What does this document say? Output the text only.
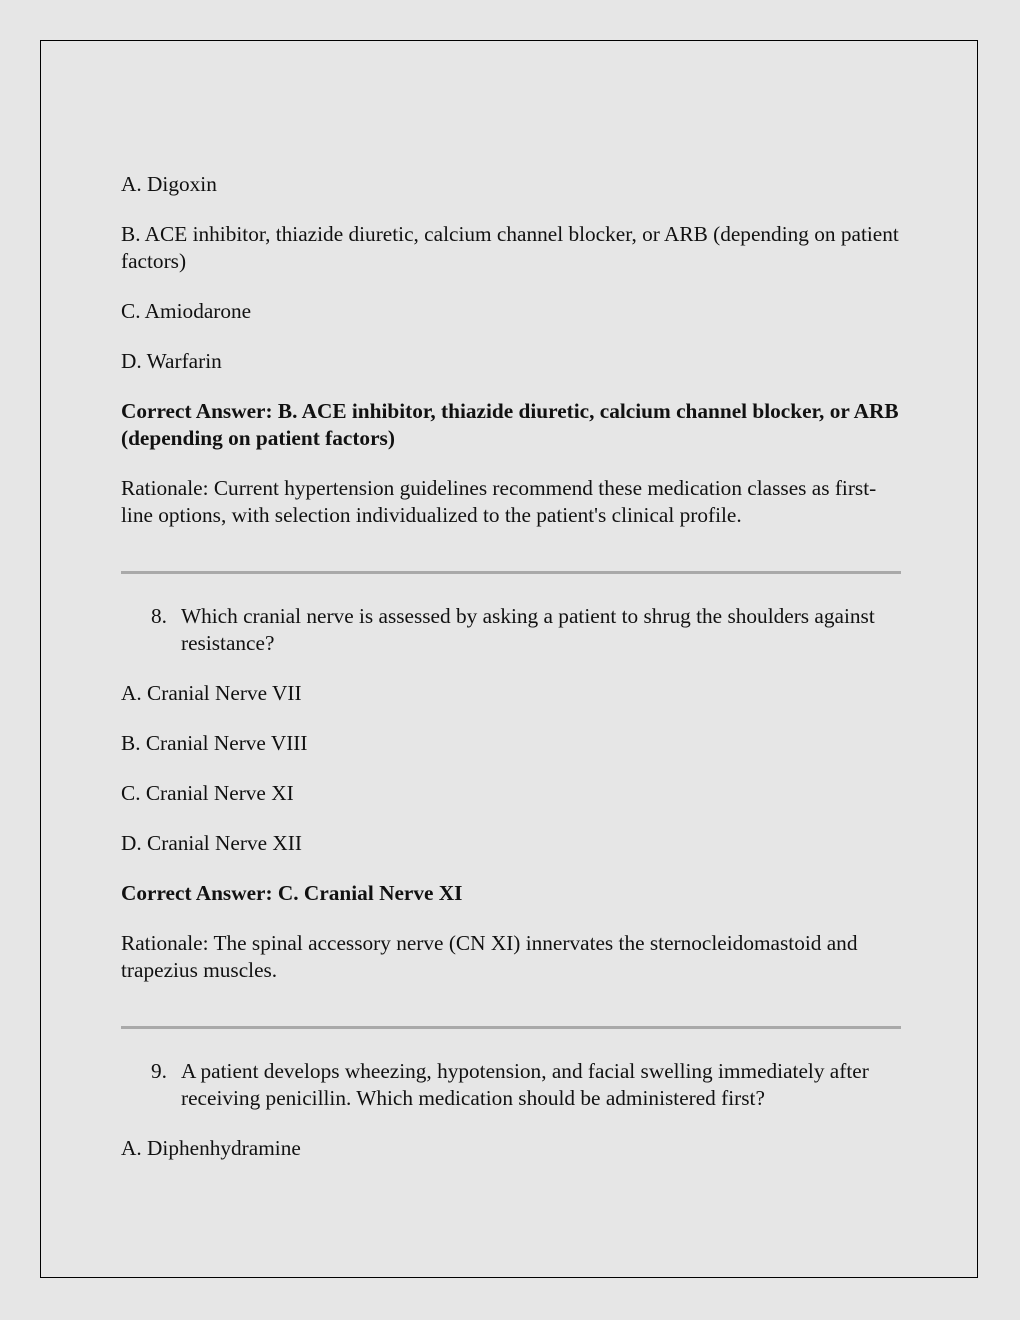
A. Digoxin
B. ACE inhibitor, thiazide diuretic, calcium channel blocker, or ARB (depending on patient factors)
C. Amiodarone
D. Warfarin
Correct Answer: B. ACE inhibitor, thiazide diuretic, calcium channel blocker, or ARB (depending on patient factors)
Rationale: Current hypertension guidelines recommend these medication classes as first-line options, with selection individualized to the patient's clinical profile.
8. Which cranial nerve is assessed by asking a patient to shrug the shoulders against resistance?
A. Cranial Nerve VII
B. Cranial Nerve VIII
C. Cranial Nerve XI
D. Cranial Nerve XII
Correct Answer: C. Cranial Nerve XI
Rationale: The spinal accessory nerve (CN XI) innervates the sternocleidomastoid and trapezius muscles.
9. A patient develops wheezing, hypotension, and facial swelling immediately after receiving penicillin. Which medication should be administered first?
A. Diphenhydramine
